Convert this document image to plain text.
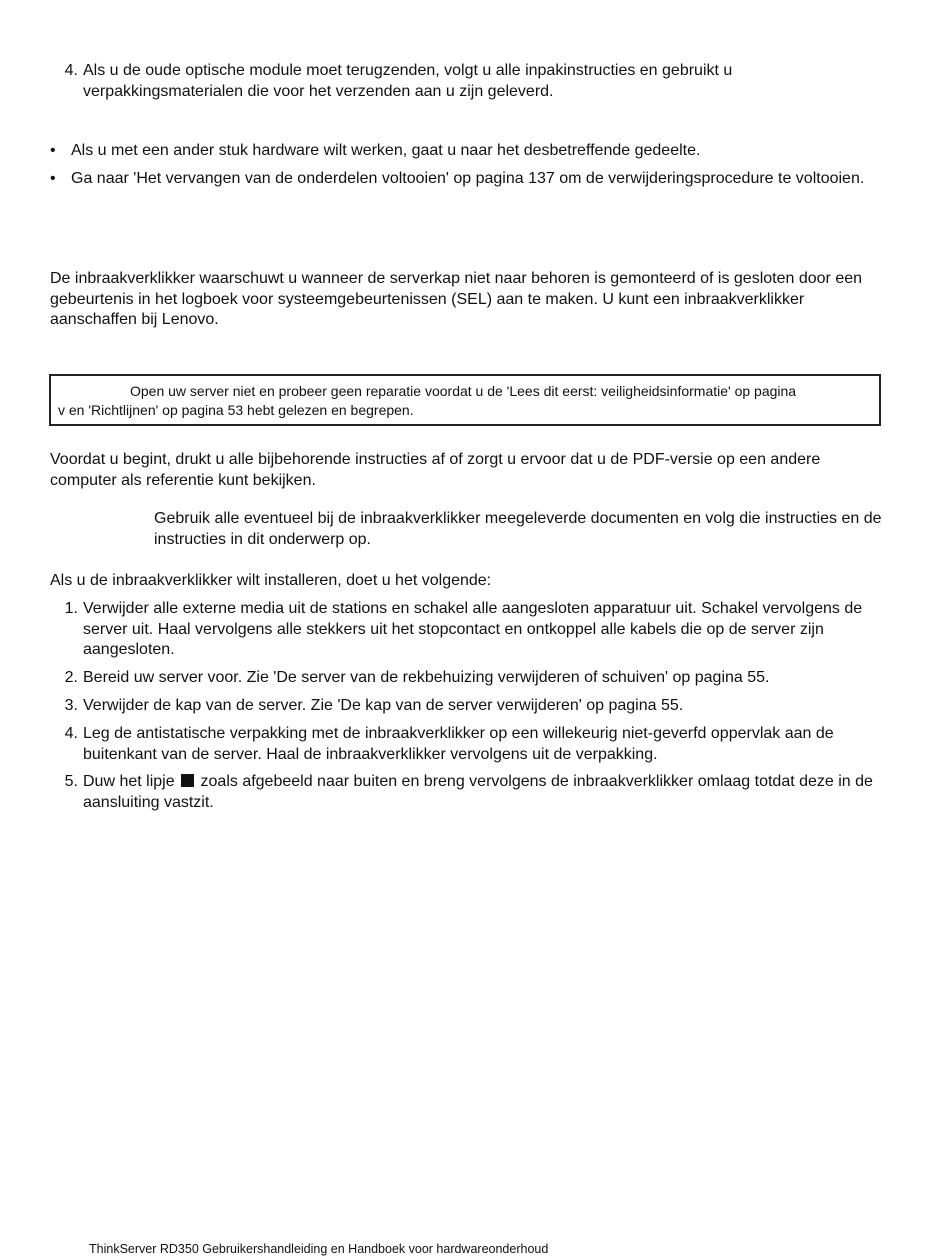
4. Als u de oude optische module moet terugzenden, volgt u alle inpakinstructies en gebruikt u verpakkingsmaterialen die voor het verzenden aan u zijn geleverd.
• Als u met een ander stuk hardware wilt werken, gaat u naar het desbetreffende gedeelte.
• Ga naar 'Het vervangen van de onderdelen voltooien' op pagina 137 om de verwijderingsprocedure te voltooien.
De inbraakverklikker waarschuwt u wanneer de serverkap niet naar behoren is gemonteerd of is gesloten door een gebeurtenis in het logboek voor systeemgebeurtenissen (SEL) aan te maken. U kunt een inbraakverklikker aanschaffen bij Lenovo.
Open uw server niet en probeer geen reparatie voordat u de 'Lees dit eerst: veiligheidsinformatie' op pagina
v en 'Richtlijnen' op pagina 53 hebt gelezen en begrepen.
Voordat u begint, drukt u alle bijbehorende instructies af of zorgt u ervoor dat u de PDF-versie op een andere computer als referentie kunt bekijken.
Gebruik alle eventueel bij de inbraakverklikker meegeleverde documenten en volg die instructies en de instructies in dit onderwerp op.
Als u de inbraakverklikker wilt installeren, doet u het volgende:
1. Verwijder alle externe media uit de stations en schakel alle aangesloten apparatuur uit. Schakel vervolgens de server uit. Haal vervolgens alle stekkers uit het stopcontact en ontkoppel alle kabels die op de server zijn aangesloten.
2. Bereid uw server voor. Zie 'De server van de rekbehuizing verwijderen of schuiven' op pagina 55.
3. Verwijder de kap van de server. Zie 'De kap van de server verwijderen' op pagina 55.
4. Leg de antistatische verpakking met de inbraakverklikker op een willekeurig niet-geverfd oppervlak aan de buitenkant van de server. Haal de inbraakverklikker vervolgens uit de verpakking.
5. Duw het lipje zoals afgebeeld naar buiten en breng vervolgens de inbraakverklikker omlaag totdat deze in de aansluiting vastzit.
ThinkServer RD350 Gebruikershandleiding en Handboek voor hardwareonderhoud
